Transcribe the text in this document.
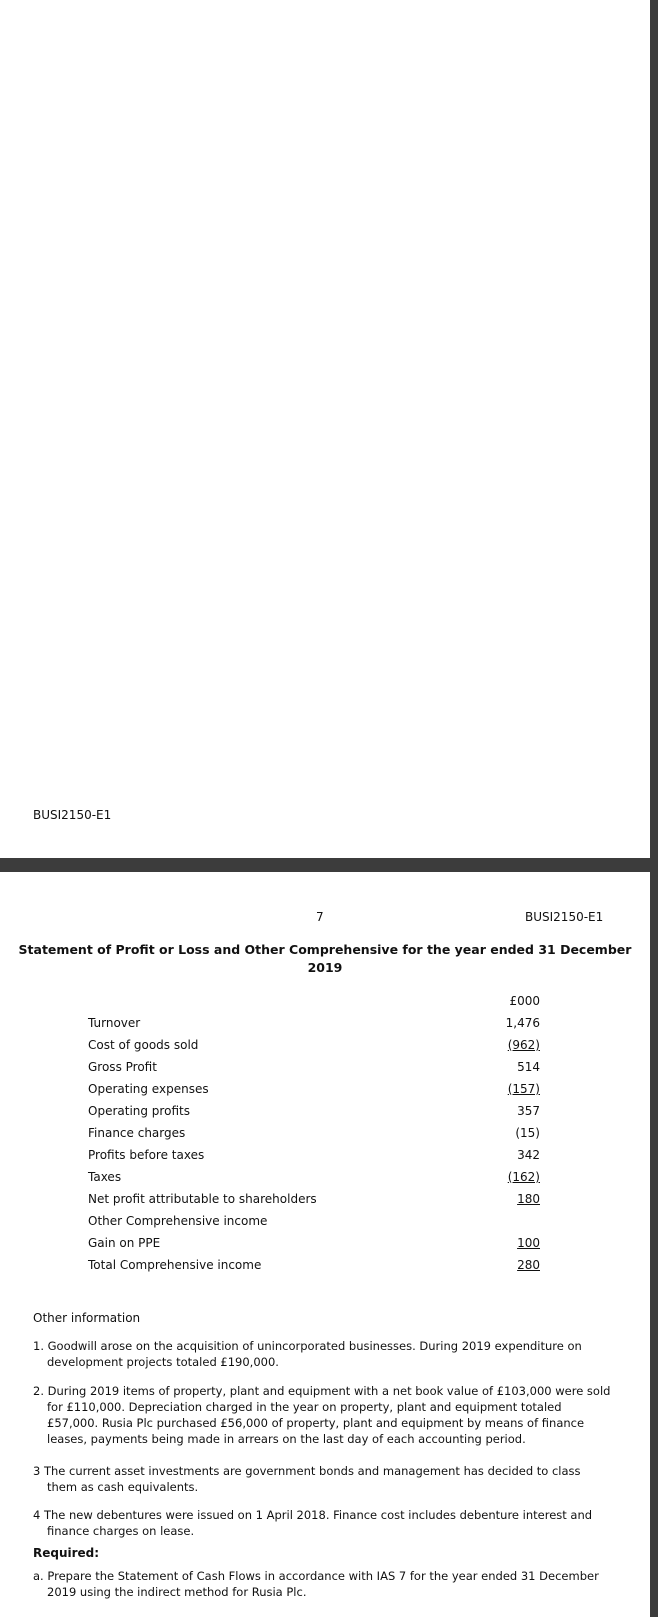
BUSI2150-E1
7	BUSI2150-E1
Statement of Profit or Loss and Other Comprehensive for the year ended 31 December 2019
£000
Turnover	1,476
Cost of goods sold	(962)
Gross Profit	514
Operating expenses	(157)
Operating profits	357
Finance charges	(15)
Profits before taxes	342
Taxes	(162)
Net profit attributable to shareholders	180
Other Comprehensive income
Gain on PPE	100
Total Comprehensive income	280
Other information
1. Goodwill arose on the acquisition of unincorporated businesses. During 2019 expenditure on development projects totaled £190,000.
2. During 2019 items of property, plant and equipment with a net book value of £103,000 were sold for £110,000. Depreciation charged in the year on property, plant and equipment totaled £57,000. Rusia Plc purchased £56,000 of property, plant and equipment by means of finance leases, payments being made in arrears on the last day of each accounting period.
3 The current asset investments are government bonds and management has decided to class them as cash equivalents.
4 The new debentures were issued on 1 April 2018. Finance cost includes debenture interest and finance charges on lease.
Required:
a. Prepare the Statement of Cash Flows in accordance with IAS 7 for the year ended 31 December 2019 using the indirect method for Rusia Plc.
